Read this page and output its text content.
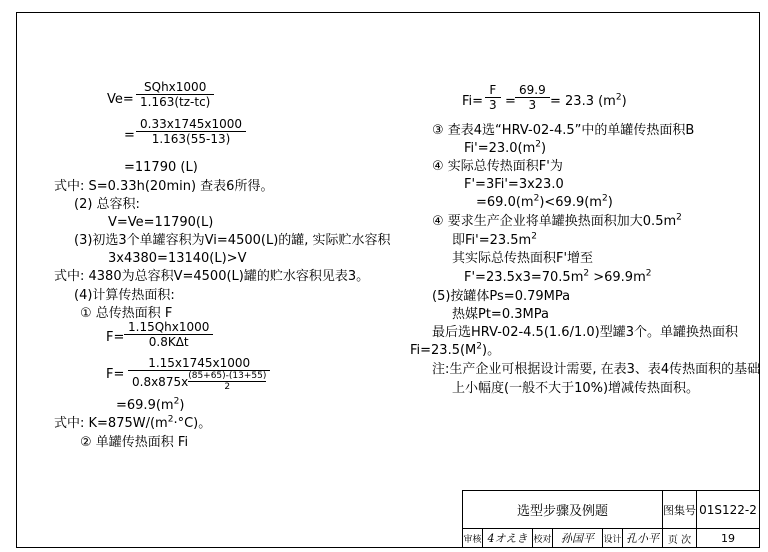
Ve=
SQhx1000
1.163(tz-tc)
= $\frac{0.33x1745x1000}{1.163(55-13)}$
=11790 (L)
式中: S=0.33h(20min) 查表6所得。
(2) 总容积:
V=Ve=11790(L)
(3)初选3个单罐容积为Vi=4500(L)的罐, 实际贮水容积
3x4380=13140(L)>V
式中: 4380为总容积V=4500(L)罐的贮水容积见表3。
(4)计算传热面积:
① 总传热面积 F
F=
1.15Qhx1000
0.8KΔt
$F= \frac{1.15x1745x1000}{0.8x875x \frac{(85+65)-(13+55)}{2}}$
$=69.9(m^2)$
式中: $K=875W/(m^2\cdot^\circ C)$。
② 单罐传热面积 Fi
$Fi= \frac{F}{3} = \frac{69.9}{3} = 23.3$ $(m^2)$
③ 查表4选“HRV-02-4.5”中的单罐传热面积B
$Fi'=23.0(m^2)$
④ 实际总传热面积F'为
F'=3Fi'=3x23.0
$=69.0(m^2)<69.9(m^2)$
④ 要求生产企业将单罐换热面积加大$0.5m^2$
即$Fi'=23.5m^2$
其实际总传热面积F'增至
$F'=23.5x3=70.5m^2 >69.9m^2$
(5)按罐体Ps=0.79MPa
热媒Pt=0.3MPa
最后选HRV-02-4.5(1.6/1.0)型罐3个。单罐换热面积
$Fi=23.5(M^2)$。
注:生产企业可根据设计需要, 在表3、表4传热面积的基础
上小幅度(一般不大于10%)增减传热面积。
选型步骤及例题	图集号 01S122-2
审核 4オえき 校对 孙国平	设计 孔小平 页 次	19
